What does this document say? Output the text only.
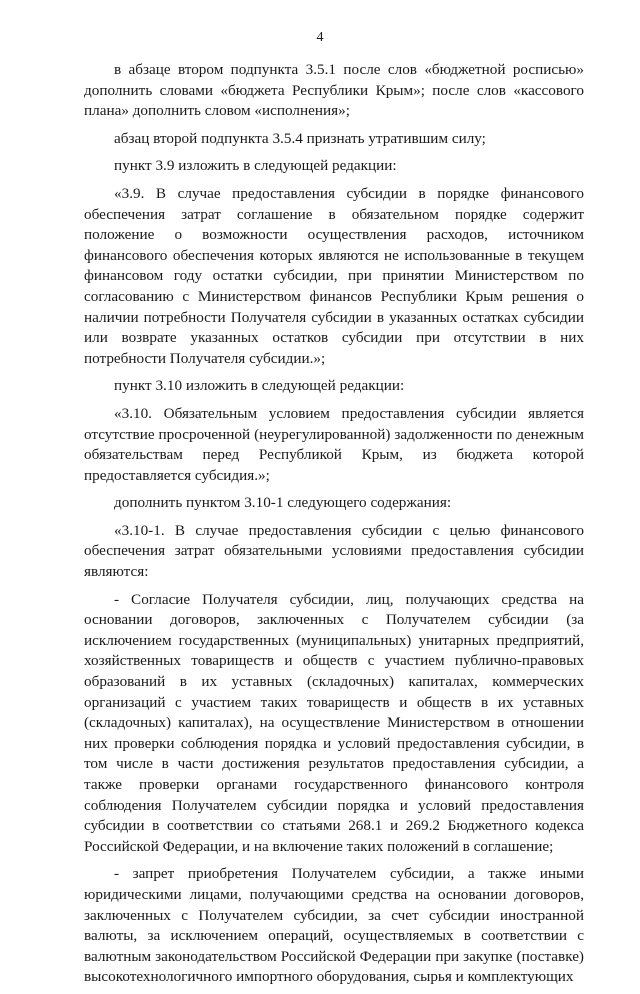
4

в абзаце втором подпункта 3.5.1 после слов «бюджетной росписью» дополнить словами «бюджета Республики Крым»; после слов «кассового плана» дополнить словом «исполнения»;

абзац второй подпункта 3.5.4 признать утратившим силу;

пункт 3.9 изложить в следующей редакции:

«3.9. В случае предоставления субсидии в порядке финансового обеспечения затрат соглашение в обязательном порядке содержит положение о возможности осуществления расходов, источником финансового обеспечения которых являются не использованные в текущем финансовом году остатки субсидии, при принятии Министерством по согласованию с Министерством финансов Республики Крым решения о наличии потребности Получателя субсидии в указанных остатках субсидии или возврате указанных остатков субсидии при отсутствии в них потребности Получателя субсидии.»;

пункт 3.10 изложить в следующей редакции:

«3.10. Обязательным условием предоставления субсидии является отсутствие просроченной (неурегулированной) задолженности по денежным обязательствам перед Республикой Крым, из бюджета которой предоставляется субсидия.»;

дополнить пунктом 3.10-1 следующего содержания:

«3.10-1. В случае предоставления субсидии с целью финансового обеспечения затрат обязательными условиями предоставления субсидии являются:

- Согласие Получателя субсидии, лиц, получающих средства на основании договоров, заключенных с Получателем субсидии (за исключением государственных (муниципальных) унитарных предприятий, хозяйственных товариществ и обществ с участием публично-правовых образований в их уставных (складочных) капиталах, коммерческих организаций с участием таких товариществ и обществ в их уставных (складочных) капиталах), на осуществление Министерством в отношении них проверки соблюдения порядка и условий предоставления субсидии, в том числе в части достижения результатов предоставления субсидии, а также проверки органами государственного финансового контроля соблюдения Получателем субсидии порядка и условий предоставления субсидии в соответствии со статьями 268.1 и 269.2 Бюджетного кодекса Российской Федерации, и на включение таких положений в соглашение;

- запрет приобретения Получателем субсидии, а также иными юридическими лицами, получающими средства на основании договоров, заключенных с Получателем субсидии, за счет субсидии иностранной валюты, за исключением операций, осуществляемых в соответствии с валютным законодательством Российской Федерации при закупке (поставке) высокотехнологичного импортного оборудования, сырья и комплектующих
